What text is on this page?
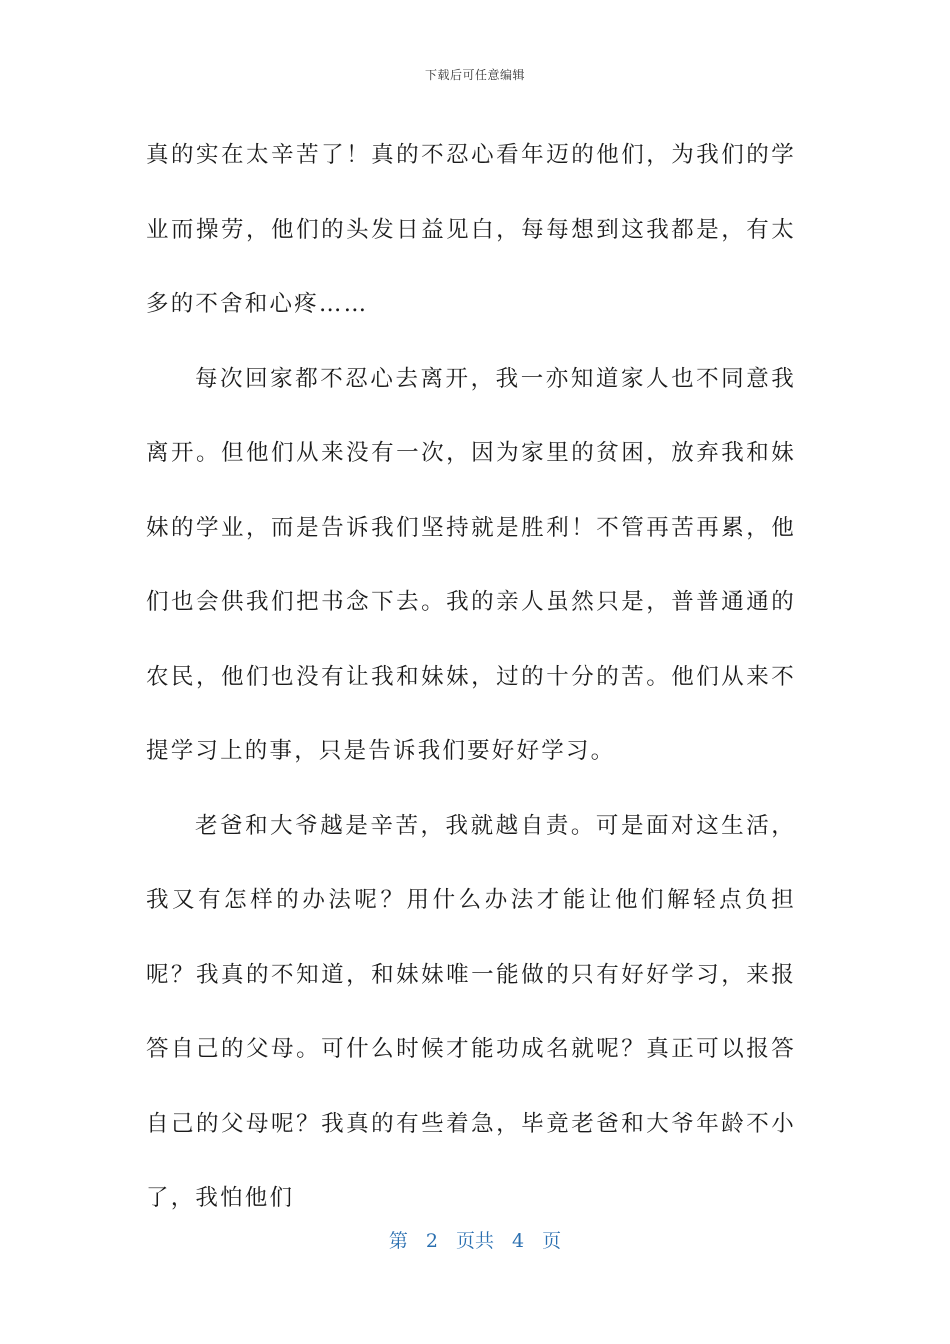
下载后可任意编辑

真的实在太辛苦了！真的不忍心看年迈的他们，为我们的学业而操劳，他们的头发日益见白，每每想到这我都是，有太多的不舍和心疼……

每次回家都不忍心去离开，我一亦知道家人也不同意我离开。但他们从来没有一次，因为家里的贫困，放弃我和妹妹的学业，而是告诉我们坚持就是胜利！不管再苦再累，他们也会供我们把书念下去。我的亲人虽然只是，普普通通的农民，他们也没有让我和妹妹，过的十分的苦。他们从来不提学习上的事，只是告诉我们要好好学习。

老爸和大爷越是辛苦，我就越自责。可是面对这生活，我又有怎样的办法呢？用什么办法才能让他们解轻点负担呢？我真的不知道，和妹妹唯一能做的只有好好学习，来报答自己的父母。可什么时候才能功成名就呢？真正可以报答自己的父母呢？我真的有些着急，毕竟老爸和大爷年龄不小了，我怕他们

第 2 页共 4 页
